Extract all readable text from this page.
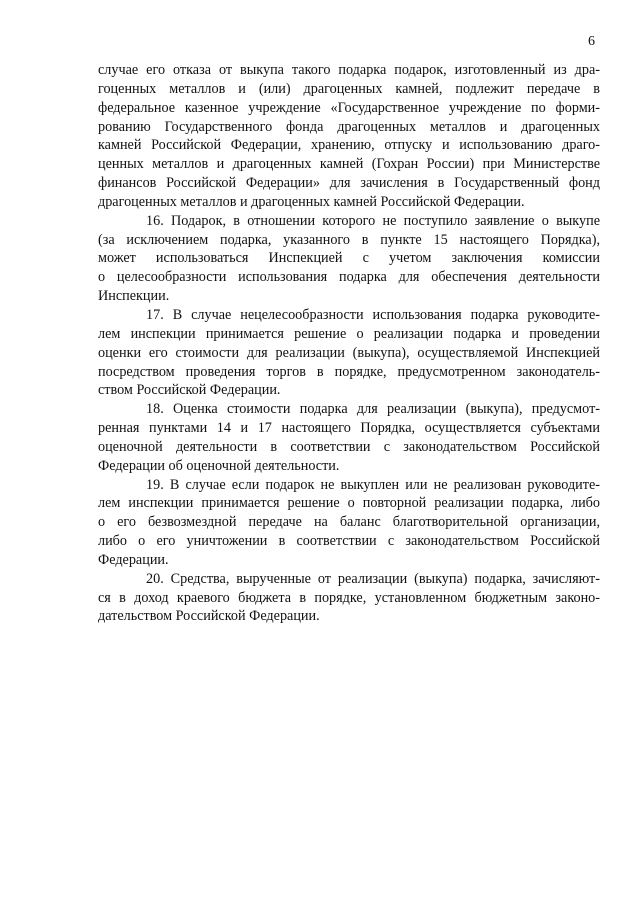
6
случае его отказа от выкупа такого подарка подарок, изготовленный из дра-
гоценных металлов и (или) драгоценных камней, подлежит передаче в
федеральное казенное учреждение «Государственное учреждение по форми-
рованию Государственного фонда драгоценных металлов и драгоценных
камней Российской Федерации, хранению, отпуску и использованию драго-
ценных металлов и драгоценных камней (Гохран России) при Министерстве
финансов Российской Федерации» для зачисления в Государственный фонд
драгоценных металлов и драгоценных камней Российской Федерации.
16. Подарок, в отношении которого не поступило заявление о выкупе
(за исключением подарка, указанного в пункте 15 настоящего Порядка),
может использоваться Инспекцией с учетом заключения комиссии
о целесообразности использования подарка для обеспечения деятельности
Инспекции.
17. В случае нецелесообразности использования подарка руководите-
лем инспекции принимается решение о реализации подарка и проведении
оценки его стоимости для реализации (выкупа), осуществляемой Инспекцией
посредством проведения торгов в порядке, предусмотренном законодатель-
ством Российской Федерации.
18. Оценка стоимости подарка для реализации (выкупа), предусмот-
ренная пунктами 14 и 17 настоящего Порядка, осуществляется субъектами
оценочной деятельности в соответствии с законодательством Российской
Федерации об оценочной деятельности.
19. В случае если подарок не выкуплен или не реализован руководите-
лем инспекции принимается решение о повторной реализации подарка, либо
о его безвозмездной передаче на баланс благотворительной организации,
либо о его уничтожении в соответствии с законодательством Российской
Федерации.
20. Средства, вырученные от реализации (выкупа) подарка, зачисляют-
ся в доход краевого бюджета в порядке, установленном бюджетным законо-
дательством Российской Федерации.
